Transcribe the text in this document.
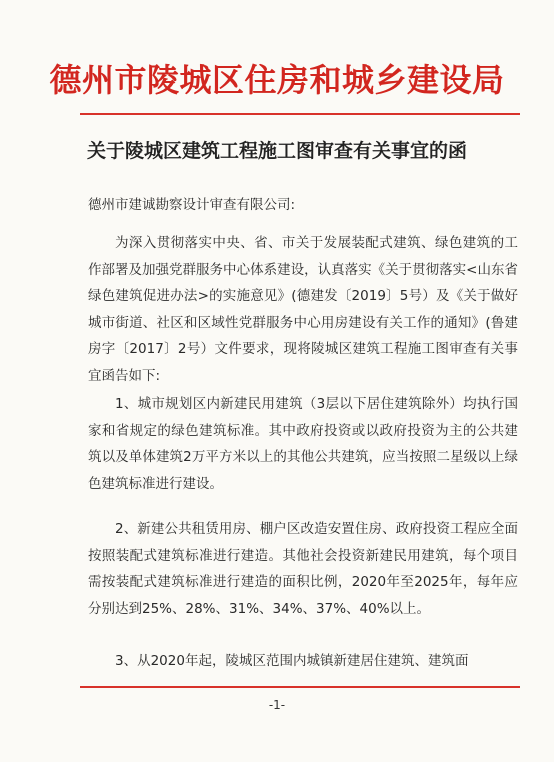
德州市陵城区住房和城乡建设局
关于陵城区建筑工程施工图审查有关事宜的函
德州市建诚勘察设计审查有限公司:
为深入贯彻落实中央、省、市关于发展装配式建筑、绿色建筑的工作部署及加强党群服务中心体系建设，认真落实《关于贯彻落实<山东省绿色建筑促进办法>的实施意见》(德建发〔2019〕5号）及《关于做好城市街道、社区和区域性党群服务中心用房建设有关工作的通知》(鲁建房字〔2017〕2号）文件要求，现将陵城区建筑工程施工图审查有关事宜函告如下:
1、城市规划区内新建民用建筑（3层以下居住建筑除外）均执行国家和省规定的绿色建筑标准。其中政府投资或以政府投资为主的公共建筑以及单体建筑2万平方米以上的其他公共建筑，应当按照二星级以上绿色建筑标准进行建设。
2、新建公共租赁用房、棚户区改造安置住房、政府投资工程应全面按照装配式建筑标准进行建造。其他社会投资新建民用建筑，每个项目需按装配式建筑标准进行建造的面积比例，2020年至2025年，每年应分别达到25%、28%、31%、34%、37%、40%以上。
3、从2020年起，陵城区范围内城镇新建居住建筑、建筑面
-1-
